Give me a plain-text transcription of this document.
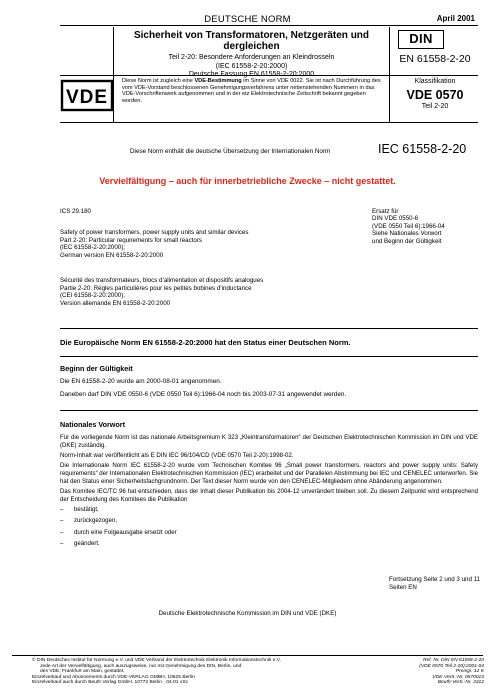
DEUTSCHE NORM	April 2001
Sicherheit von Transformatoren, Netzgeräten und dergleichen
Teil 2-20: Besondere Anforderungen an Kleindrosseln
(IEC 61558-2-20:2000)
Deutsche Fassung EN 61558-2-20:2000
DIN
EN 61558-2-20
VDE
Diese Norm ist zugleich eine VDE-Bestimmung im Sinne von VDE 0022. Sie ist nach Durchführung des vom VDE-Vorstand beschlossenen Genehmigungsverfahrens unter nebenstehenden Nummern in das VDE-Vorschriftenwerk aufgenommen und in der etz Elektrotechnische Zeitschrift bekannt gegeben worden.
Klassifikation
VDE 0570
Teil 2-20
Diese Norm enthält die deutsche Übersetzung der Internationalen Norm	IEC 61558-2-20
Vervielfältigung – auch für innerbetriebliche Zwecke – nicht gestattet.
ICS 29.180
Safety of power transformers, power supply units and similar devices
Part 2-20: Particular requirements for small reactors
(IEC 61558-2-20:2000);
German version EN 61558-2-20:2000
Sécurité des transformateurs, blocs d’alimentation et dispositifs analogues
Partie 2-20: Règles particulières pour les petites bobines d’inductance
(CEI 61558-2-20:2000);
Version allemande EN 61558-2-20:2000
Ersatz für
DIN VDE 0550-6
(VDE 0550 Teil 6):1966-04
Siehe Nationales Vorwort
und Beginn der Gültigkeit
Die Europäische Norm EN 61558-2-20:2000 hat den Status einer Deutschen Norm.
Beginn der Gültigkeit
Die EN 61558-2-20 wurde am 2000-08-01 angenommen.
Daneben darf DIN VDE 0550-6 (VDE 0550 Teil 6):1966-04 noch bis 2003-07-31 angewendet werden.
Nationales Vorwort

Für die vorliegende Norm ist das nationale Arbeitsgremium K 323 „Kleintransformatoren“ der Deutschen Elektrotechnischen Kommission im DIN und VDE (DKE) zuständig.

Norm-Inhalt war veröffentlicht als E DIN IEC 96/104/CD (VDE 0570 Teil 2-20):1998-02.

Die Internationale Norm IEC 61558-2-20 wurde vom Technischen Komitee 96 „Small power transformers, reactors and power supply units: Safety requirements“ der Internationalen Elektrotechnischen Kommission (IEC) erarbeitet und der Parallelen Abstimmung bei IEC und CENELEC unterworfen. Sie hat den Status einer Sicherheitsfachgrundnorm. Der Text dieser Norm wurde von den CENELEC-Mitgliedern ohne Abänderung angenommen.

Das Komitee IEC/TC 96 hat entschieden, dass der Inhalt dieser Publikation bis 2004-12 unverändert bleiben soll. Zu diesem Zeitpunkt wird entsprechend der Entscheidung des Komitees die Publikation

–	bestätigt,
–	zurückgezogen,
–	durch eine Folgeausgabe ersetzt oder
–	geändert.
Fortsetzung Seite 2 und 3 und 11 Seiten EN
Deutsche Elektrotechnische Kommission im DIN und VDE (DKE)
© DIN Deutsches Institut für Normung e.V. und VDE Verband der Elektrotechnik Elektronik Informationstechnik e.V.
Jede Art der Vervielfältigung, auch auszugsweise, nur mit Genehmigung des DIN, Berlin, und
des VDE, Frankfurt am Main, gestattet.
Einzelverkauf und Abonnements durch VDE-VERLAG GMBH, 10625 Berlin
Einzelverkauf auch durch Beuth Verlag GmbH, 10772 Berlin · 04.01 vSc
Ref. Nr. DIN EN 61558-2-20
(VDE 0570 Teil 2-20):2001-04
Preisgr. 12 K
VDE-Vertr.-Nr. 0570013
Beuth-Vertr.-Nr. 3312
